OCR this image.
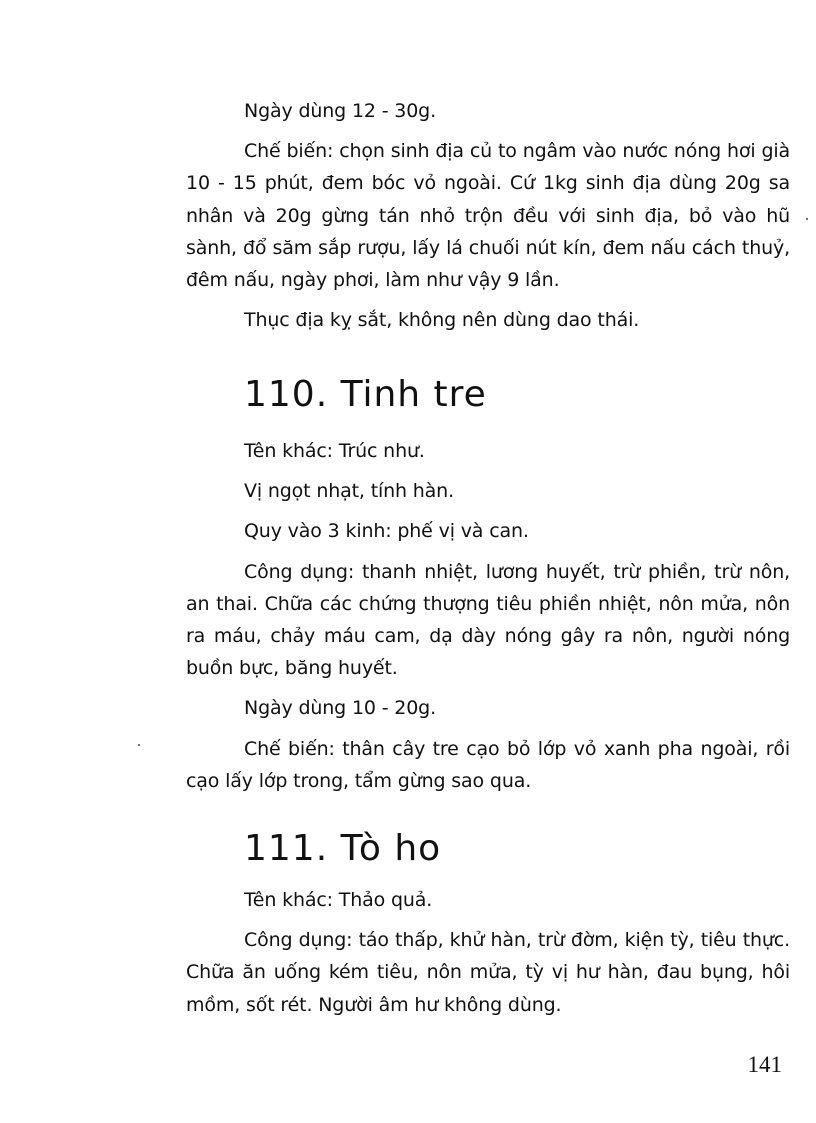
Ngày dùng 12 - 30g.

Chế biến: chọn sinh địa củ to ngâm vào nước nóng hơi già 10 - 15 phút, đem bóc vỏ ngoài. Cứ 1kg sinh địa dùng 20g sa nhân và 20g gừng tán nhỏ trộn đều với sinh địa, bỏ vào hũ sành, đổ săm sắp rượu, lấy lá chuối nút kín, đem nấu cách thuỷ, đêm nấu, ngày phơi, làm như vậy 9 lần.

Thục địa kỵ sắt, không nên dùng dao thái.

110. Tinh tre

Tên khác: Trúc như.

Vị ngọt nhạt, tính hàn.

Quy vào 3 kinh: phế vị và can.

Công dụng: thanh nhiệt, lương huyết, trừ phiền, trừ nôn, an thai. Chữa các chứng thượng tiêu phiền nhiệt, nôn mửa, nôn ra máu, chảy máu cam, dạ dày nóng gây ra nôn, người nóng buồn bực, băng huyết.

Ngày dùng 10 - 20g.

Chế biến: thân cây tre cạo bỏ lớp vỏ xanh pha ngoài, rồi cạo lấy lớp trong, tẩm gừng sao qua.

111. Tò ho

Tên khác: Thảo quả.

Công dụng: táo thấp, khử hàn, trừ đờm, kiện tỳ, tiêu thực. Chữa ăn uống kém tiêu, nôn mửa, tỳ vị hư hàn, đau bụng, hôi mồm, sốt rét. Người âm hư không dùng.

141
